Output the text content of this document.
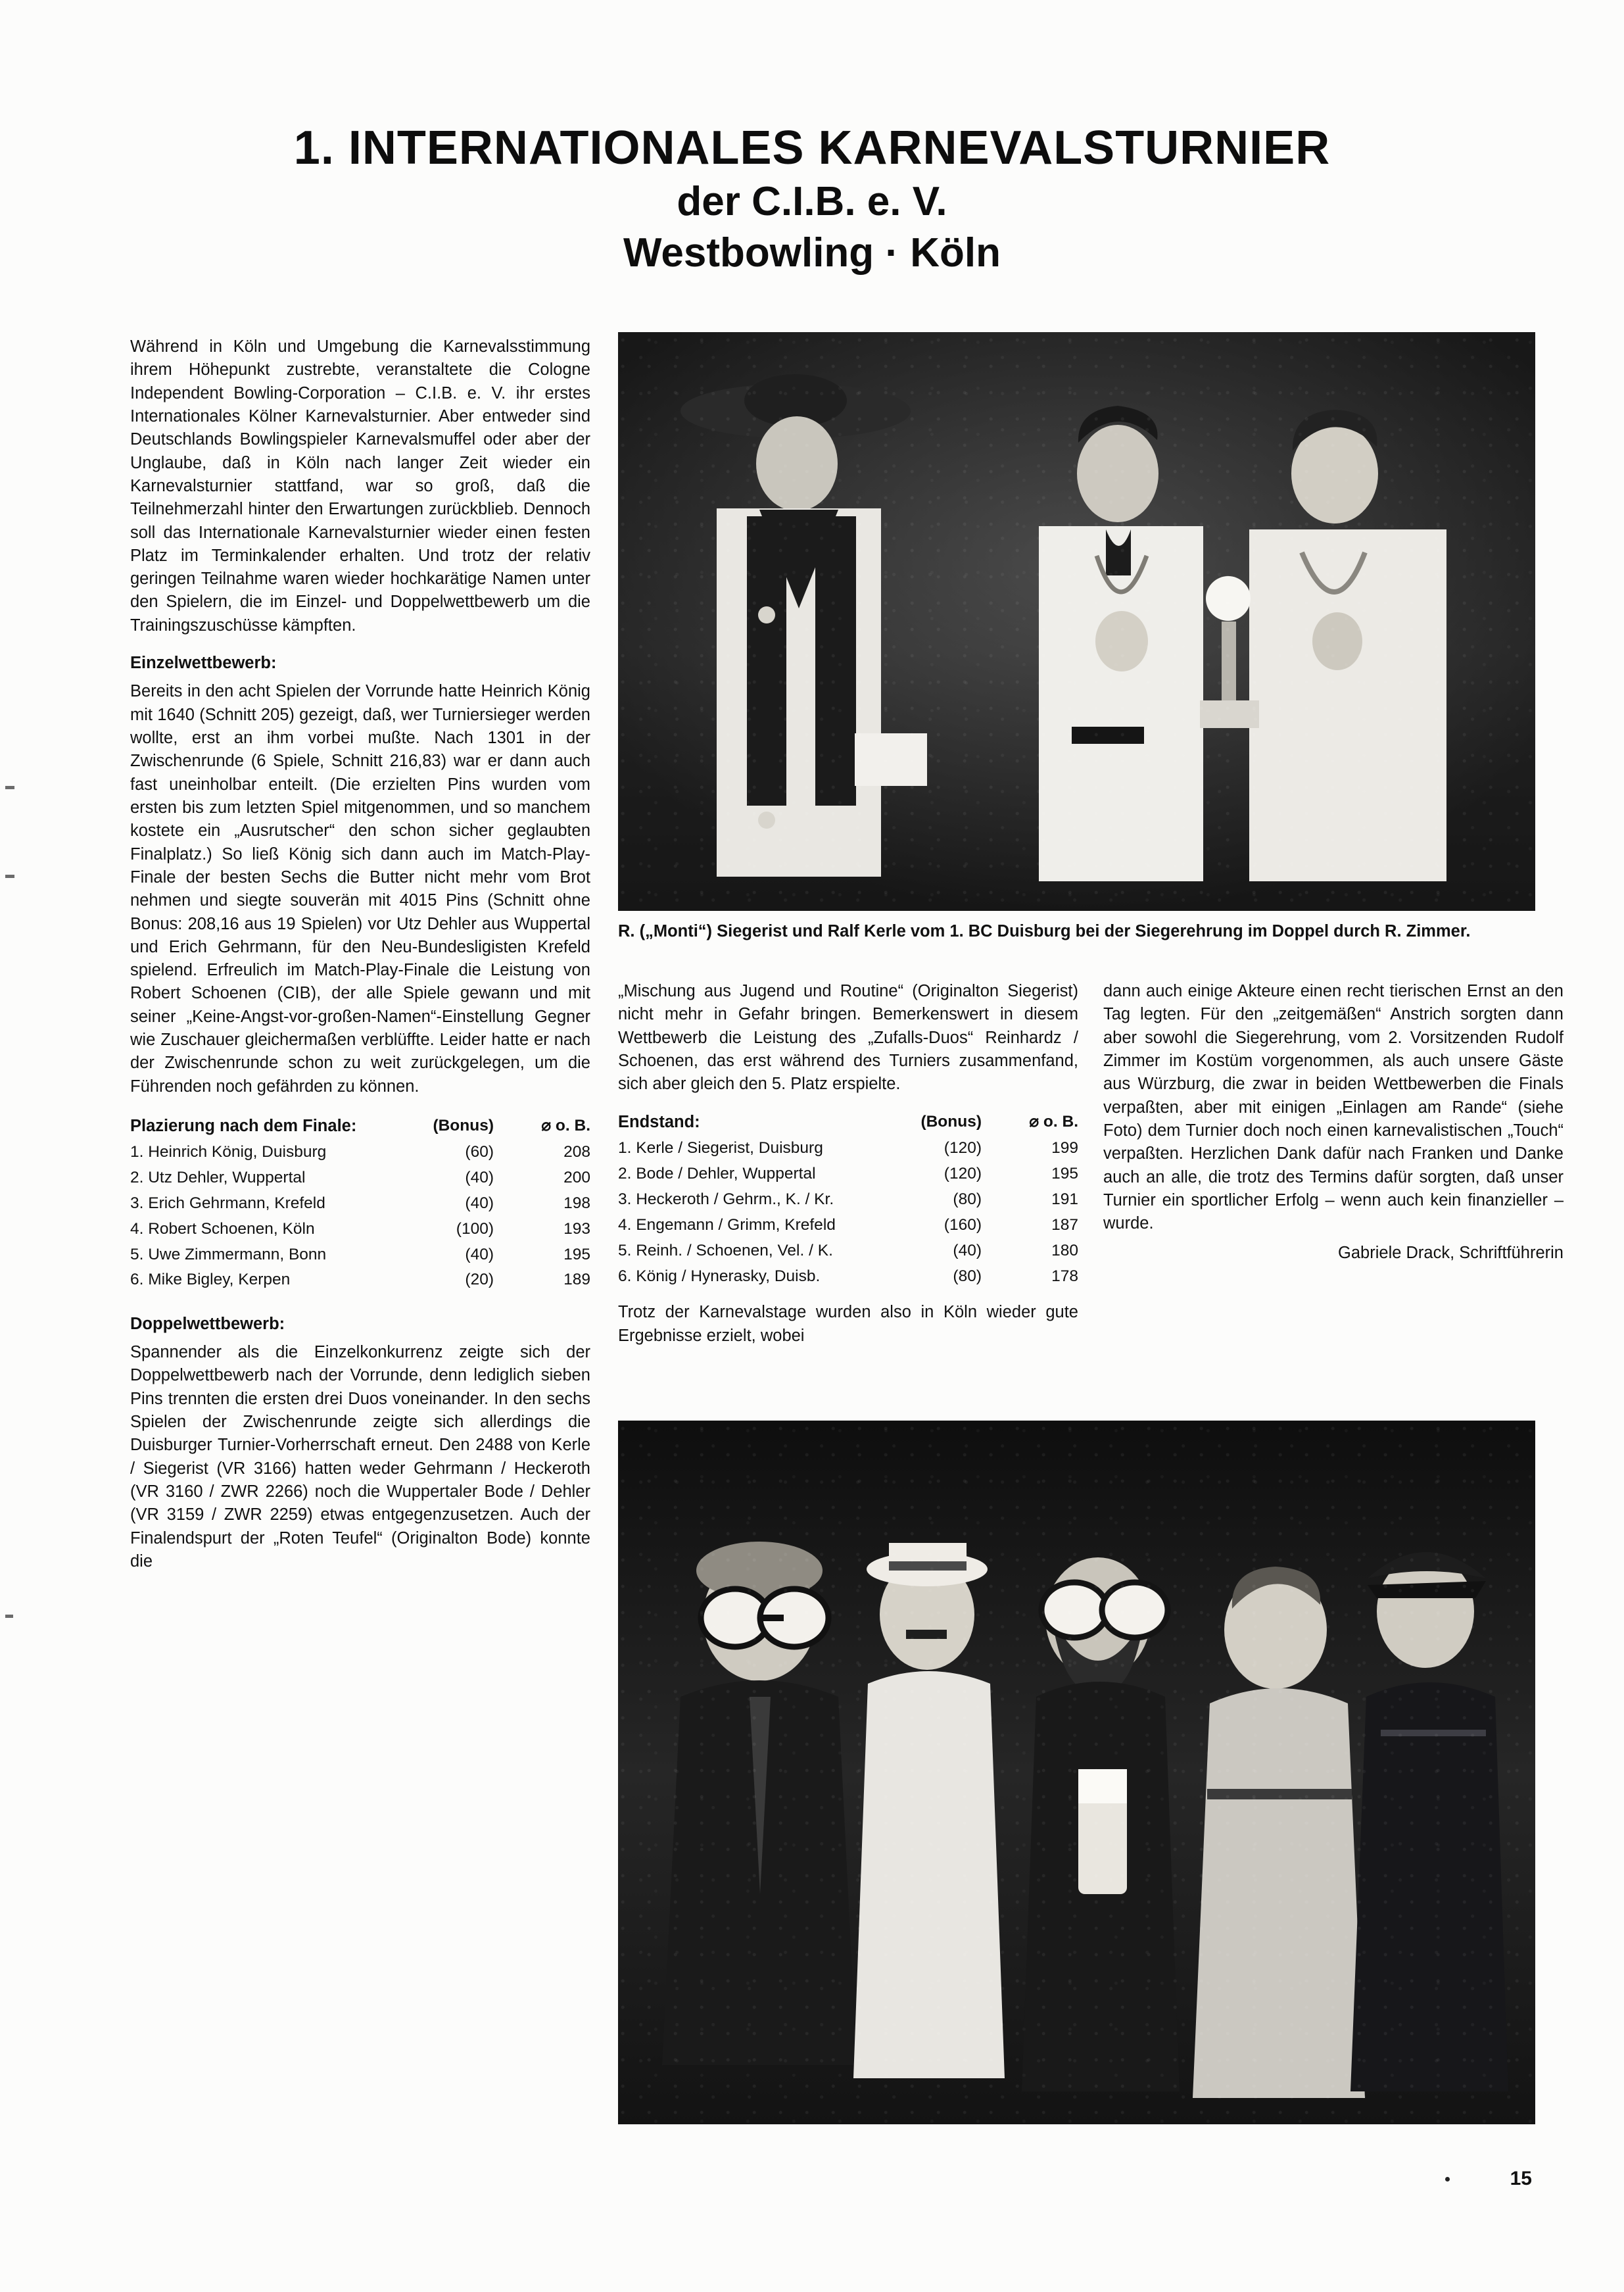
1. INTERNATIONALES KARNEVALSTURNIER
der C.I.B. e. V.
Westbowling · Köln

Während in Köln und Umgebung die Karnevalsstimmung ihrem Höhepunkt zustrebte, veranstaltete die Cologne Independent Bowling-Corporation – C.I.B. e. V. ihr erstes Internationales Kölner Karnevalsturnier. Aber entweder sind Deutschlands Bowlingspieler Karnevalsmuffel oder aber der Unglaube, daß in Köln nach langer Zeit wieder ein Karnevalsturnier stattfand, war so groß, daß die Teilnehmerzahl hinter den Erwartungen zurückblieb. Dennoch soll das Internationale Karnevalsturnier wieder einen festen Platz im Terminkalender erhalten. Und trotz der relativ geringen Teilnahme waren wieder hochkarätige Namen unter den Spielern, die im Einzel- und Doppelwettbewerb um die Trainingszuschüsse kämpften.

Einzelwettbewerb:

Bereits in den acht Spielen der Vorrunde hatte Heinrich König mit 1640 (Schnitt 205) gezeigt, daß, wer Turniersieger werden wollte, erst an ihm vorbei mußte. Nach 1301 in der Zwischenrunde (6 Spiele, Schnitt 216,83) war er dann auch fast uneinholbar enteilt. (Die erzielten Pins wurden vom ersten bis zum letzten Spiel mitgenommen, und so manchem kostete ein „Ausrutscher“ den schon sicher geglaubten Finalplatz.) So ließ König sich dann auch im Match-Play-Finale der besten Sechs die Butter nicht mehr vom Brot nehmen und siegte souverän mit 4015 Pins (Schnitt ohne Bonus: 208,16 aus 19 Spielen) vor Utz Dehler aus Wuppertal und Erich Gehrmann, für den Neu-Bundesligisten Krefeld spielend. Erfreulich im Match-Play-Finale die Leistung von Robert Schoenen (CIB), der alle Spiele gewann und mit seiner „Keine-Angst-vor-großen-Namen“-Einstellung Gegner wie Zuschauer gleichermaßen verblüffte. Leider hatte er nach der Zwischenrunde schon zu weit zurückgelegen, um die Führenden noch gefährden zu können.

Plazierung nach dem Finale:	(Bonus)	⌀ o. B.
1. Heinrich König, Duisburg	(60)	208
2. Utz Dehler, Wuppertal	(40)	200
3. Erich Gehrmann, Krefeld	(40)	198
4. Robert Schoenen, Köln	(100)	193
5. Uwe Zimmermann, Bonn	(40)	195
6. Mike Bigley, Kerpen	(20)	189
Doppelwettbewerb:

Spannender als die Einzelkonkurrenz zeigte sich der Doppelwettbewerb nach der Vorrunde, denn lediglich sieben Pins trennten die ersten drei Duos voneinander. In den sechs Spielen der Zwischenrunde zeigte sich allerdings die Duisburger Turnier-Vorherrschaft erneut. Den 2488 von Kerle / Siegerist (VR 3166) hatten weder Gehrmann / Heckeroth (VR 3160 / ZWR 2266) noch die Wuppertaler Bode / Dehler (VR 3159 / ZWR 2259) etwas entgegenzusetzen. Auch der Finalendspurt der „Roten Teufel“ (Originalton Bode) konnte die

R. („Monti“) Siegerist und Ralf Kerle vom 1. BC Duisburg bei der Siegerehrung im Doppel durch R. Zimmer.

„Mischung aus Jugend und Routine“ (Originalton Siegerist) nicht mehr in Gefahr bringen. Bemerkenswert in diesem Wettbewerb die Leistung des „Zufalls-Duos“ Reinhardz / Schoenen, das erst während des Turniers zusammenfand, sich aber gleich den 5. Platz erspielte.

Endstand:	(Bonus)	⌀ o. B.
1. Kerle / Siegerist, Duisburg	(120)	199
2. Bode / Dehler, Wuppertal	(120)	195
3. Heckeroth / Gehrm., K. / Kr.	(80)	191
4. Engemann / Grimm, Krefeld	(160)	187
5. Reinh. / Schoenen, Vel. / K.	(40)	180
6. König / Hynerasky, Duisb.	(80)	178

Trotz der Karnevalstage wurden also in Köln wieder gute Ergebnisse erzielt, wobei

dann auch einige Akteure einen recht tierischen Ernst an den Tag legten. Für den „zeitgemäßen“ Anstrich sorgten dann aber sowohl die Siegerehrung, vom 2. Vorsitzenden Rudolf Zimmer im Kostüm vorgenommen, als auch unsere Gäste aus Würzburg, die zwar in beiden Wettbewerben die Finals verpaßten, aber mit einigen „Einlagen am Rande“ (siehe Foto) dem Turnier doch noch einen karnevalistischen „Touch“ verpaßten. Herzlichen Dank dafür nach Franken und Danke auch an alle, die trotz des Termins dafür sorgten, daß unser Turnier ein sportlicher Erfolg – wenn auch kein finanzieller – wurde.

Gabriele Drack, Schriftführerin
15
